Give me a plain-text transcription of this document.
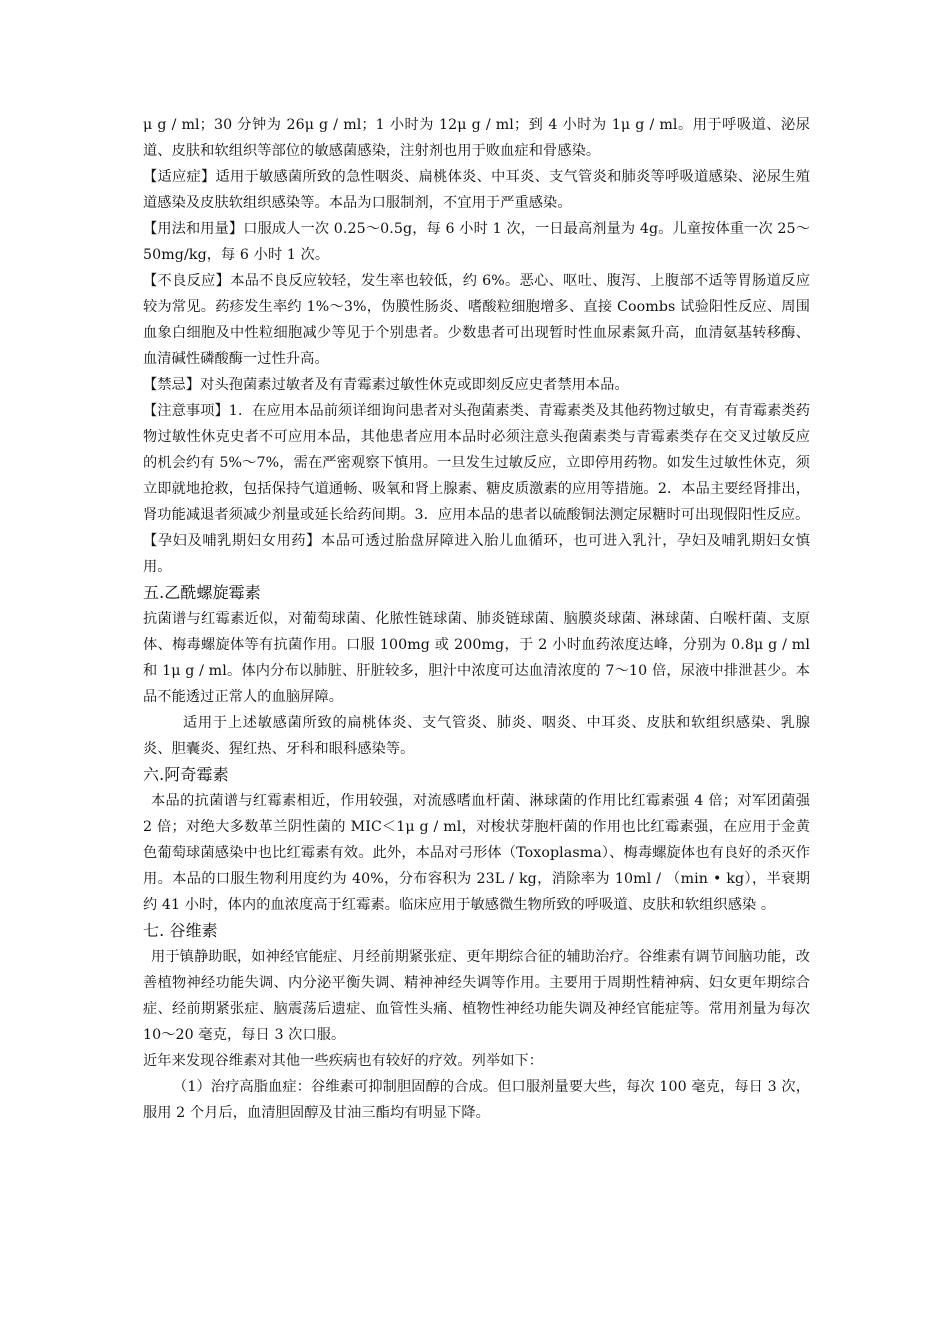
μ g / ml；30 分钟为 26μ g / ml；1 小时为 12μ g / ml；到 4 小时为 1μ g / ml。用于呼吸道、泌尿道、皮肤和软组织等部位的敏感菌感染，注射剂也用于败血症和骨感染。

【适应症】适用于敏感菌所致的急性咽炎、扁桃体炎、中耳炎、支气管炎和肺炎等呼吸道感染、泌尿生殖道感染及皮肤软组织感染等。本品为口服制剂，不宜用于严重感染。

【用法和用量】口服成人一次 0.25～0.5g，每 6 小时 1 次，一日最高剂量为 4g。儿童按体重一次 25～50mg/kg，每 6 小时 1 次。

【不良反应】本品不良反应较轻，发生率也较低，约 6%。恶心、呕吐、腹泻、上腹部不适等胃肠道反应较为常见。药疹发生率约 1%～3%，伪膜性肠炎、嗜酸粒细胞增多、直接 Coombs 试验阳性反应、周围血象白细胞及中性粒细胞减少等见于个别患者。少数患者可出现暂时性血尿素氮升高，血清氨基转移酶、血清碱性磷酸酶一过性升高。

【禁忌】对头孢菌素过敏者及有青霉素过敏性休克或即刻反应史者禁用本品。

【注意事项】1．在应用本品前须详细询问患者对头孢菌素类、青霉素类及其他药物过敏史，有青霉素类药物过敏性休克史者不可应用本品，其他患者应用本品时必须注意头孢菌素类与青霉素类存在交叉过敏反应的机会约有 5%～7%，需在严密观察下慎用。一旦发生过敏反应，立即停用药物。如发生过敏性休克，须立即就地抢救，包括保持气道通畅、吸氧和肾上腺素、糖皮质激素的应用等措施。2．本品主要经肾排出，肾功能减退者须减少剂量或延长给药间期。3．应用本品的患者以硫酸铜法测定尿糖时可出现假阳性反应。

【孕妇及哺乳期妇女用药】本品可透过胎盘屏障进入胎儿血循环，也可进入乳汁，孕妇及哺乳期妇女慎用。

五.乙酰螺旋霉素

抗菌谱与红霉素近似，对葡萄球菌、化脓性链球菌、肺炎链球菌、脑膜炎球菌、淋球菌、白喉杆菌、支原体、梅毒螺旋体等有抗菌作用。口服 100mg 或 200mg，于 2 小时血药浓度达峰，分别为 0.8μ g / ml 和 1μ g / ml。体内分布以肺脏、肝脏较多，胆汁中浓度可达血清浓度的 7～10 倍，尿液中排泄甚少。本品不能透过正常人的血脑屏障。

适用于上述敏感菌所致的扁桃体炎、支气管炎、肺炎、咽炎、中耳炎、皮肤和软组织感染、乳腺炎、胆囊炎、猩红热、牙科和眼科感染等。

六.阿奇霉素

本品的抗菌谱与红霉素相近，作用较强，对流感嗜血杆菌、淋球菌的作用比红霉素强 4 倍；对军团菌强 2 倍；对绝大多数革兰阴性菌的 MIC＜1μ g / ml，对梭状芽胞杆菌的作用也比红霉素强，在应用于金黄色葡萄球菌感染中也比红霉素有效。此外，本品对弓形体（Toxoplasma）、梅毒螺旋体也有良好的杀灭作用。本品的口服生物利用度约为 40%，分布容积为 23L / kg，消除率为 10ml / （min • kg），半衰期约 41 小时，体内的血浓度高于红霉素。临床应用于敏感微生物所致的呼吸道、皮肤和软组织感染 。

七. 谷维素

用于镇静助眠，如神经官能症、月经前期紧张症、更年期综合征的辅助治疗。谷维素有调节间脑功能，改善植物神经功能失调、内分泌平衡失调、精神神经失调等作用。主要用于周期性精神病、妇女更年期综合症、经前期紧张症、脑震荡后遗症、血管性头痛、植物性神经功能失调及神经官能症等。常用剂量为每次 10～20 毫克，每日 3 次口服。

近年来发现谷维素对其他一些疾病也有较好的疗效。列举如下：

（1）治疗高脂血症：谷维素可抑制胆固醇的合成。但口服剂量要大些，每次 100 毫克，每日 3 次，服用 2 个月后，血清胆固醇及甘油三酯均有明显下降。
